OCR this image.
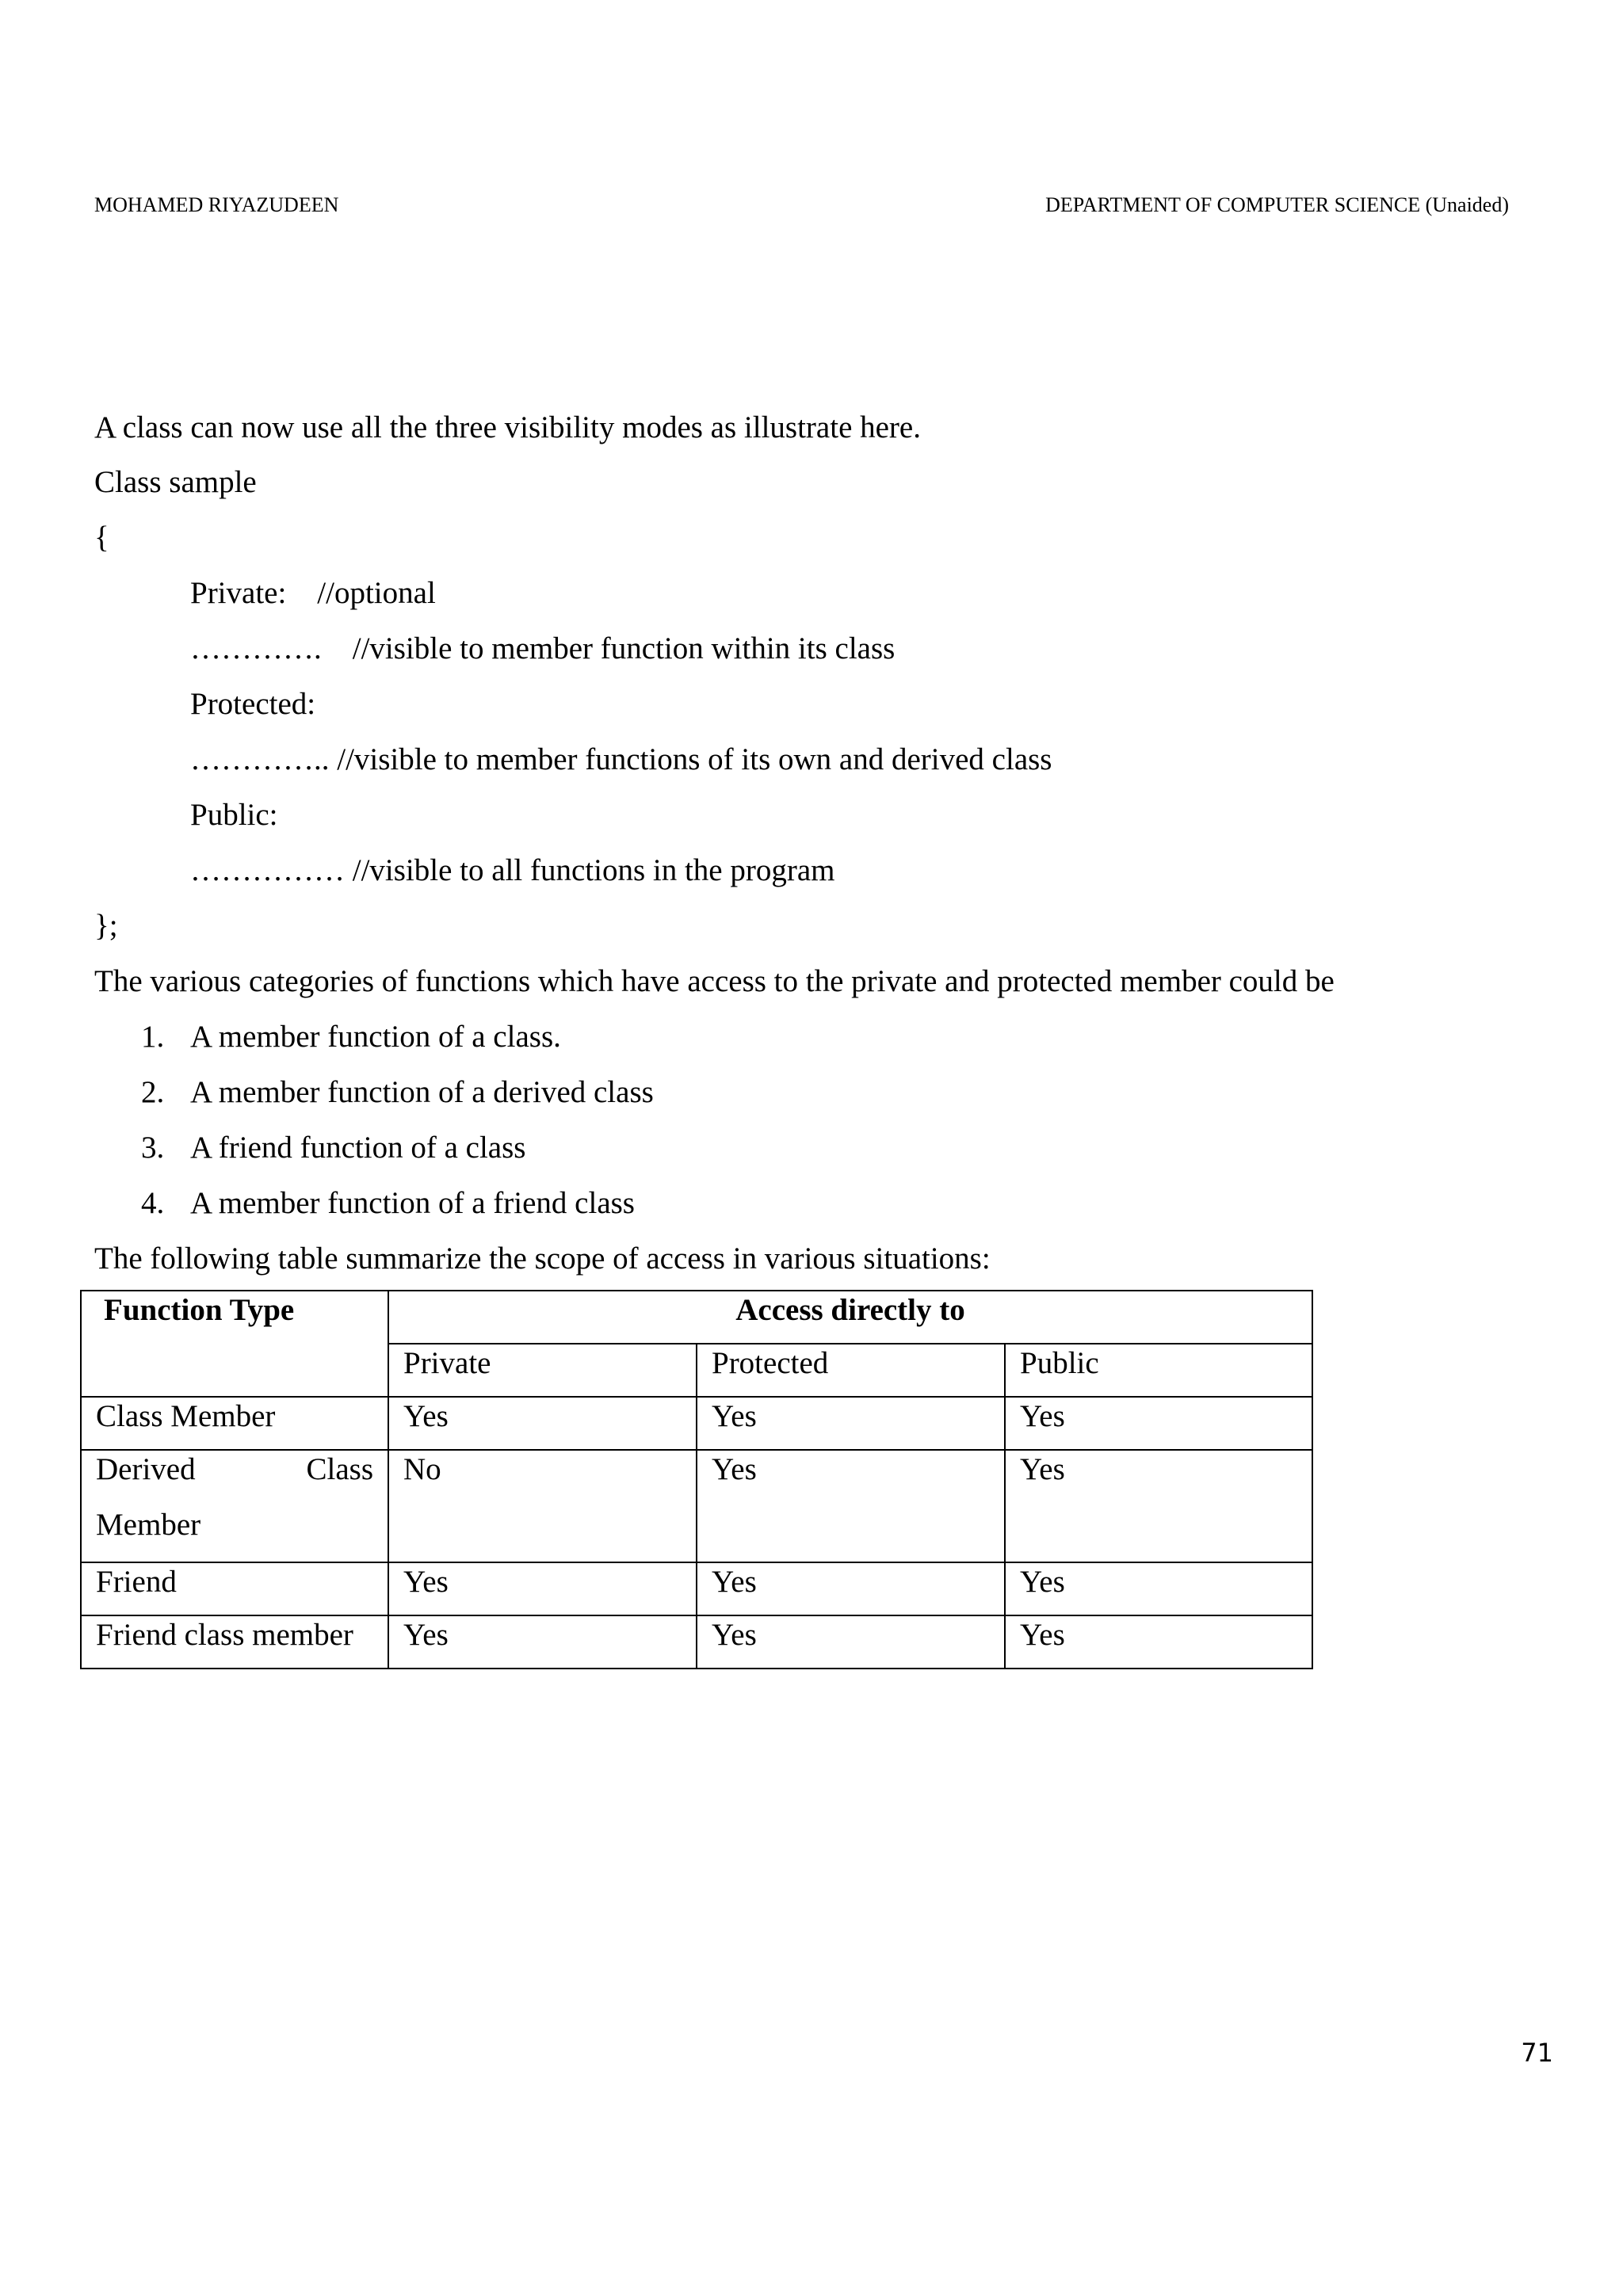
MOHAMED RIYAZUDEEN	DEPARTMENT OF COMPUTER SCIENCE (Unaided)
A class can now use all the three visibility modes as illustrate here.
Class sample
{
Private:    //optional
………….    //visible to member function within its class
Protected:
………….. //visible to member functions of its own and derived class
Public:
…………… //visible to all functions in the program
};
The various categories of functions which have access to the private and protected member could be
1. A member function of a class.
2. A member function of a derived class
3. A friend function of a class
4. A member function of a friend class
The following table summarize the scope of access in various situations:
Function Type	Access directly to		
	Private	Protected	Public
Class Member	Yes	Yes	Yes

Derived Class
Member	No	Yes	Yes
Friend	Yes	Yes	Yes
Friend class member	Yes	Yes	Yes
71
